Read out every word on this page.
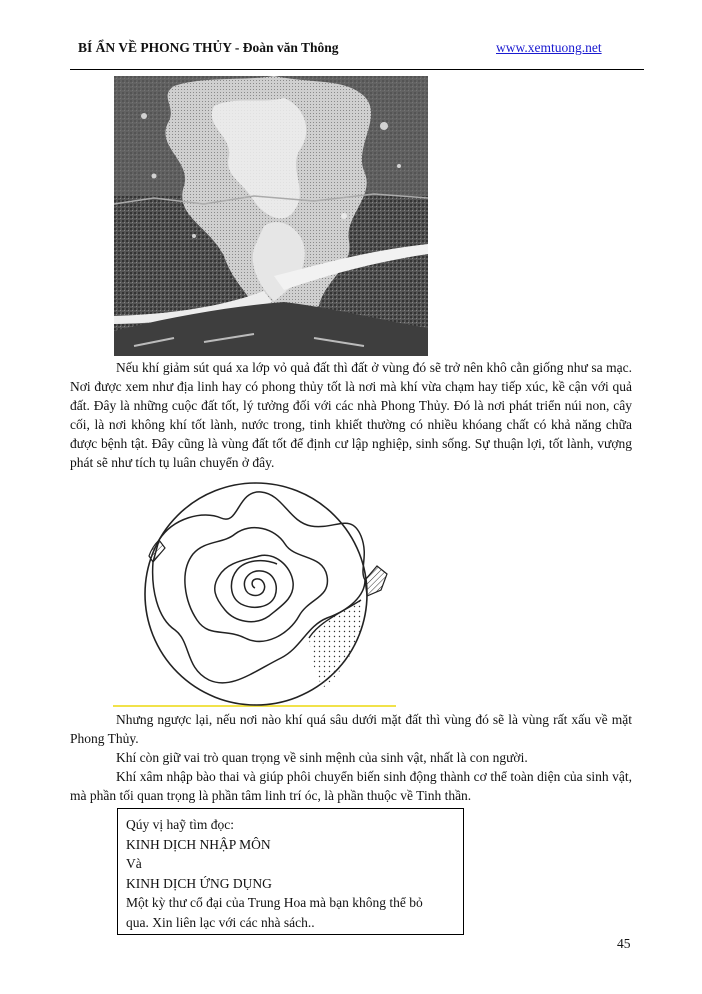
BÍ ẨN VỀ PHONG THỦY - Đoàn văn Thông	www.xemtuong.net

Nếu khí giảm sút quá xa lớp vỏ quả đất thì đất ở vùng đó sẽ trở nên khô cằn giống như sa mạc. Nơi được xem như địa linh hay có phong thủy tốt là nơi mà khí vừa chạm hay tiếp xúc, kề cận với quả đất. Đây là những cuộc đất tốt, lý tưởng đối với các nhà Phong Thủy. Đó là nơi phát triển núi non, cây cối, là nơi không khí tốt lành, nước trong, tinh khiết thường có nhiều khóang chất có khả năng chữa được bệnh tật. Đây cũng là vùng đất tốt để định cư lập nghiệp, sinh sống. Sự thuận lợi, tốt lành, vượng phát sẽ như tích tụ luân chuyển ở đây.

Nhưng ngược lại, nếu nơi nào khí quá sâu dưới mặt đất thì vùng đó sẽ là vùng rất xấu về mặt Phong Thủy.

Khí còn giữ vai trò quan trọng về sinh mệnh của sinh vật, nhất là con người.

Khí xâm nhập bào thai và giúp phôi chuyển biến sinh động thành cơ thể toàn diện của sinh vật, mà phần tối quan trọng là phần tâm linh trí óc, là phần thuộc về Tinh thần.

Qúy vị haỹ tìm đọc:
KINH DỊCH NHẬP MÔN
Và
KINH DỊCH ỨNG DỤNG
Một kỳ thư cổ đại của Trung Hoa mà bạn không thể bỏ
qua. Xin liên lạc với các nhà sách..
45
